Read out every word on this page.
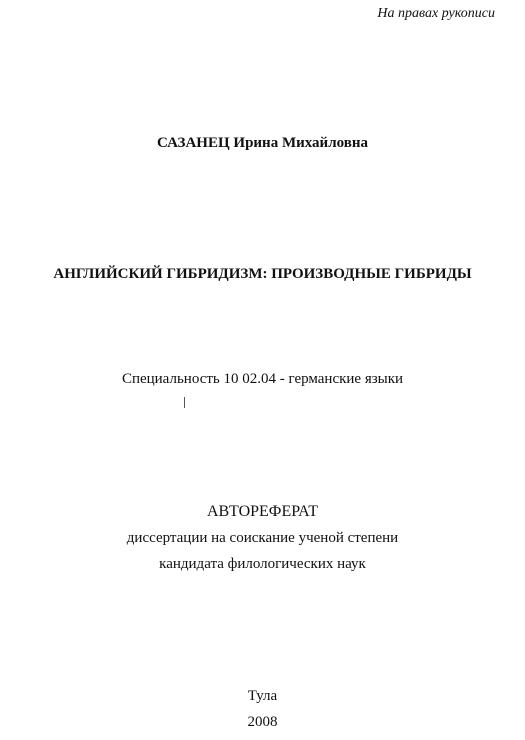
На правах рукописи
САЗАНЕЦ Ирина Михайловна
АНГЛИЙСКИЙ ГИБРИДИЗМ: ПРОИЗВОДНЫЕ ГИБРИДЫ
Специальность 10 02.04 - германские языки
АВТОРЕФЕРАТ
диссертации на соискание ученой степени
кандидата филологических наук
Тула
2008
